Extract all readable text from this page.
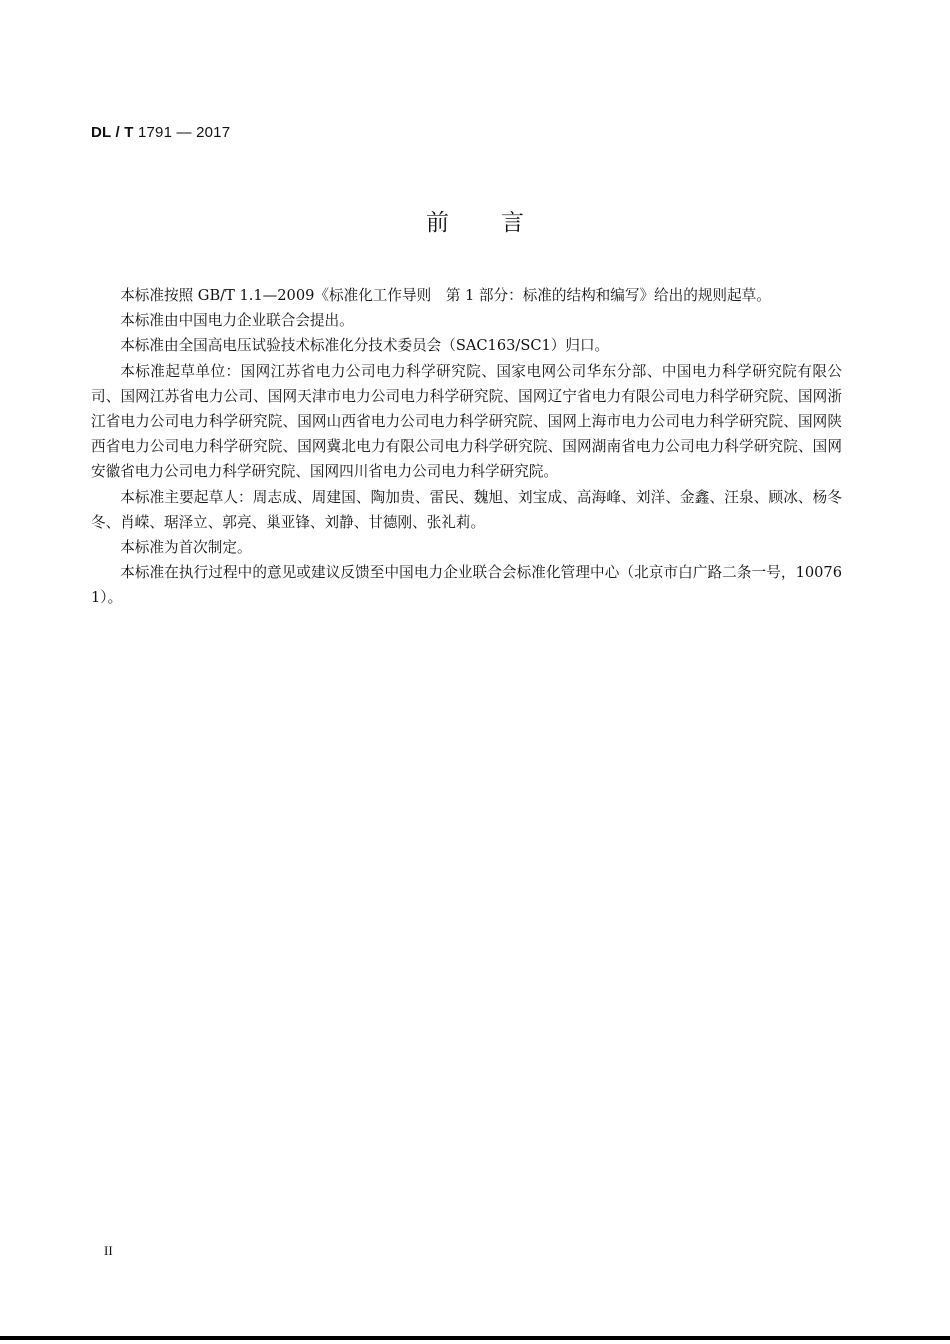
DL / T 1791 — 2017
前言

本标准按照 GB/T 1.1—2009《标准化工作导则　第 1 部分：标准的结构和编写》给出的规则起草。

本标准由中国电力企业联合会提出。

本标准由全国高电压试验技术标准化分技术委员会（SAC163/SC1）归口。

本标准起草单位：国网江苏省电力公司电力科学研究院、国家电网公司华东分部、中国电力科学研究院有限公司、国网江苏省电力公司、国网天津市电力公司电力科学研究院、国网辽宁省电力有限公司电力科学研究院、国网浙江省电力公司电力科学研究院、国网山西省电力公司电力科学研究院、国网上海市电力公司电力科学研究院、国网陕西省电力公司电力科学研究院、国网冀北电力有限公司电力科学研究院、国网湖南省电力公司电力科学研究院、国网安徽省电力公司电力科学研究院、国网四川省电力公司电力科学研究院。

本标准主要起草人：周志成、周建国、陶加贵、雷民、魏旭、刘宝成、高海峰、刘洋、金鑫、汪泉、顾冰、杨冬冬、肖嵘、琚泽立、郭亮、巢亚锋、刘静、甘德刚、张礼莉。

本标准为首次制定。

本标准在执行过程中的意见或建议反馈至中国电力企业联合会标准化管理中心（北京市白广路二条一号，100761）。

II
